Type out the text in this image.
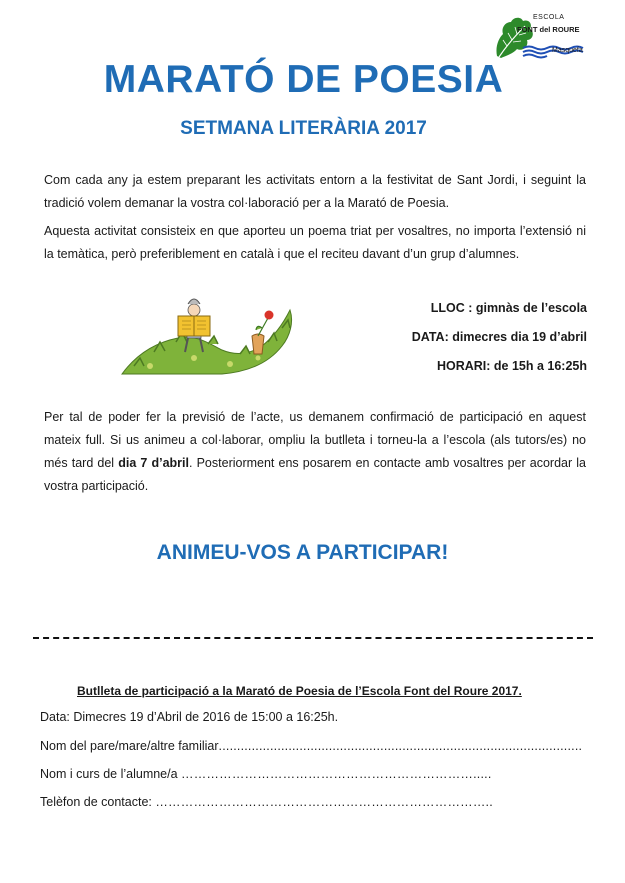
ESCOLA
FONT del ROURE
Masquefa
MARATÓ DE POESIA
SETMANA LITERÀRIA 2017

Com cada any ja estem preparant les activitats entorn a la festivitat de Sant Jordi, i seguint la tradició volem demanar la vostra col·laboració per a la Marató de Poesia.

Aquesta activitat consisteix en que aporteu un poema triat per vosaltres, no importa l’extensió ni la temàtica, però preferiblement en català i que el reciteu davant d’un grup d’alumnes.

LLOC : gimnàs de l’escola
DATA: dimecres dia 19 d’abril
HORARI: de 15h a 16:25h

Per tal de poder fer la previsió de l’acte, us demanem confirmació de participació en aquest mateix full. Si us animeu a col·laborar, ompliu la butlleta i torneu-la a l’escola (als tutors/es) no més tard del dia 7 d’abril. Posteriorment ens posarem en contacte amb vosaltres per acordar la vostra participació.

ANIMEU-VOS A PARTICIPAR!
Butlleta de participació a la Marató de Poesia de l’Escola Font del Roure 2017.
Data: Dimecres 19 d’Abril de 2016 de 15:00 a 16:25h.
Nom del pare/mare/altre familiar...................................................................................................
Nom i curs de l’alumne/a …………………………………………………………….....
Telèfon de contacte: ……………………………………………………………………..
